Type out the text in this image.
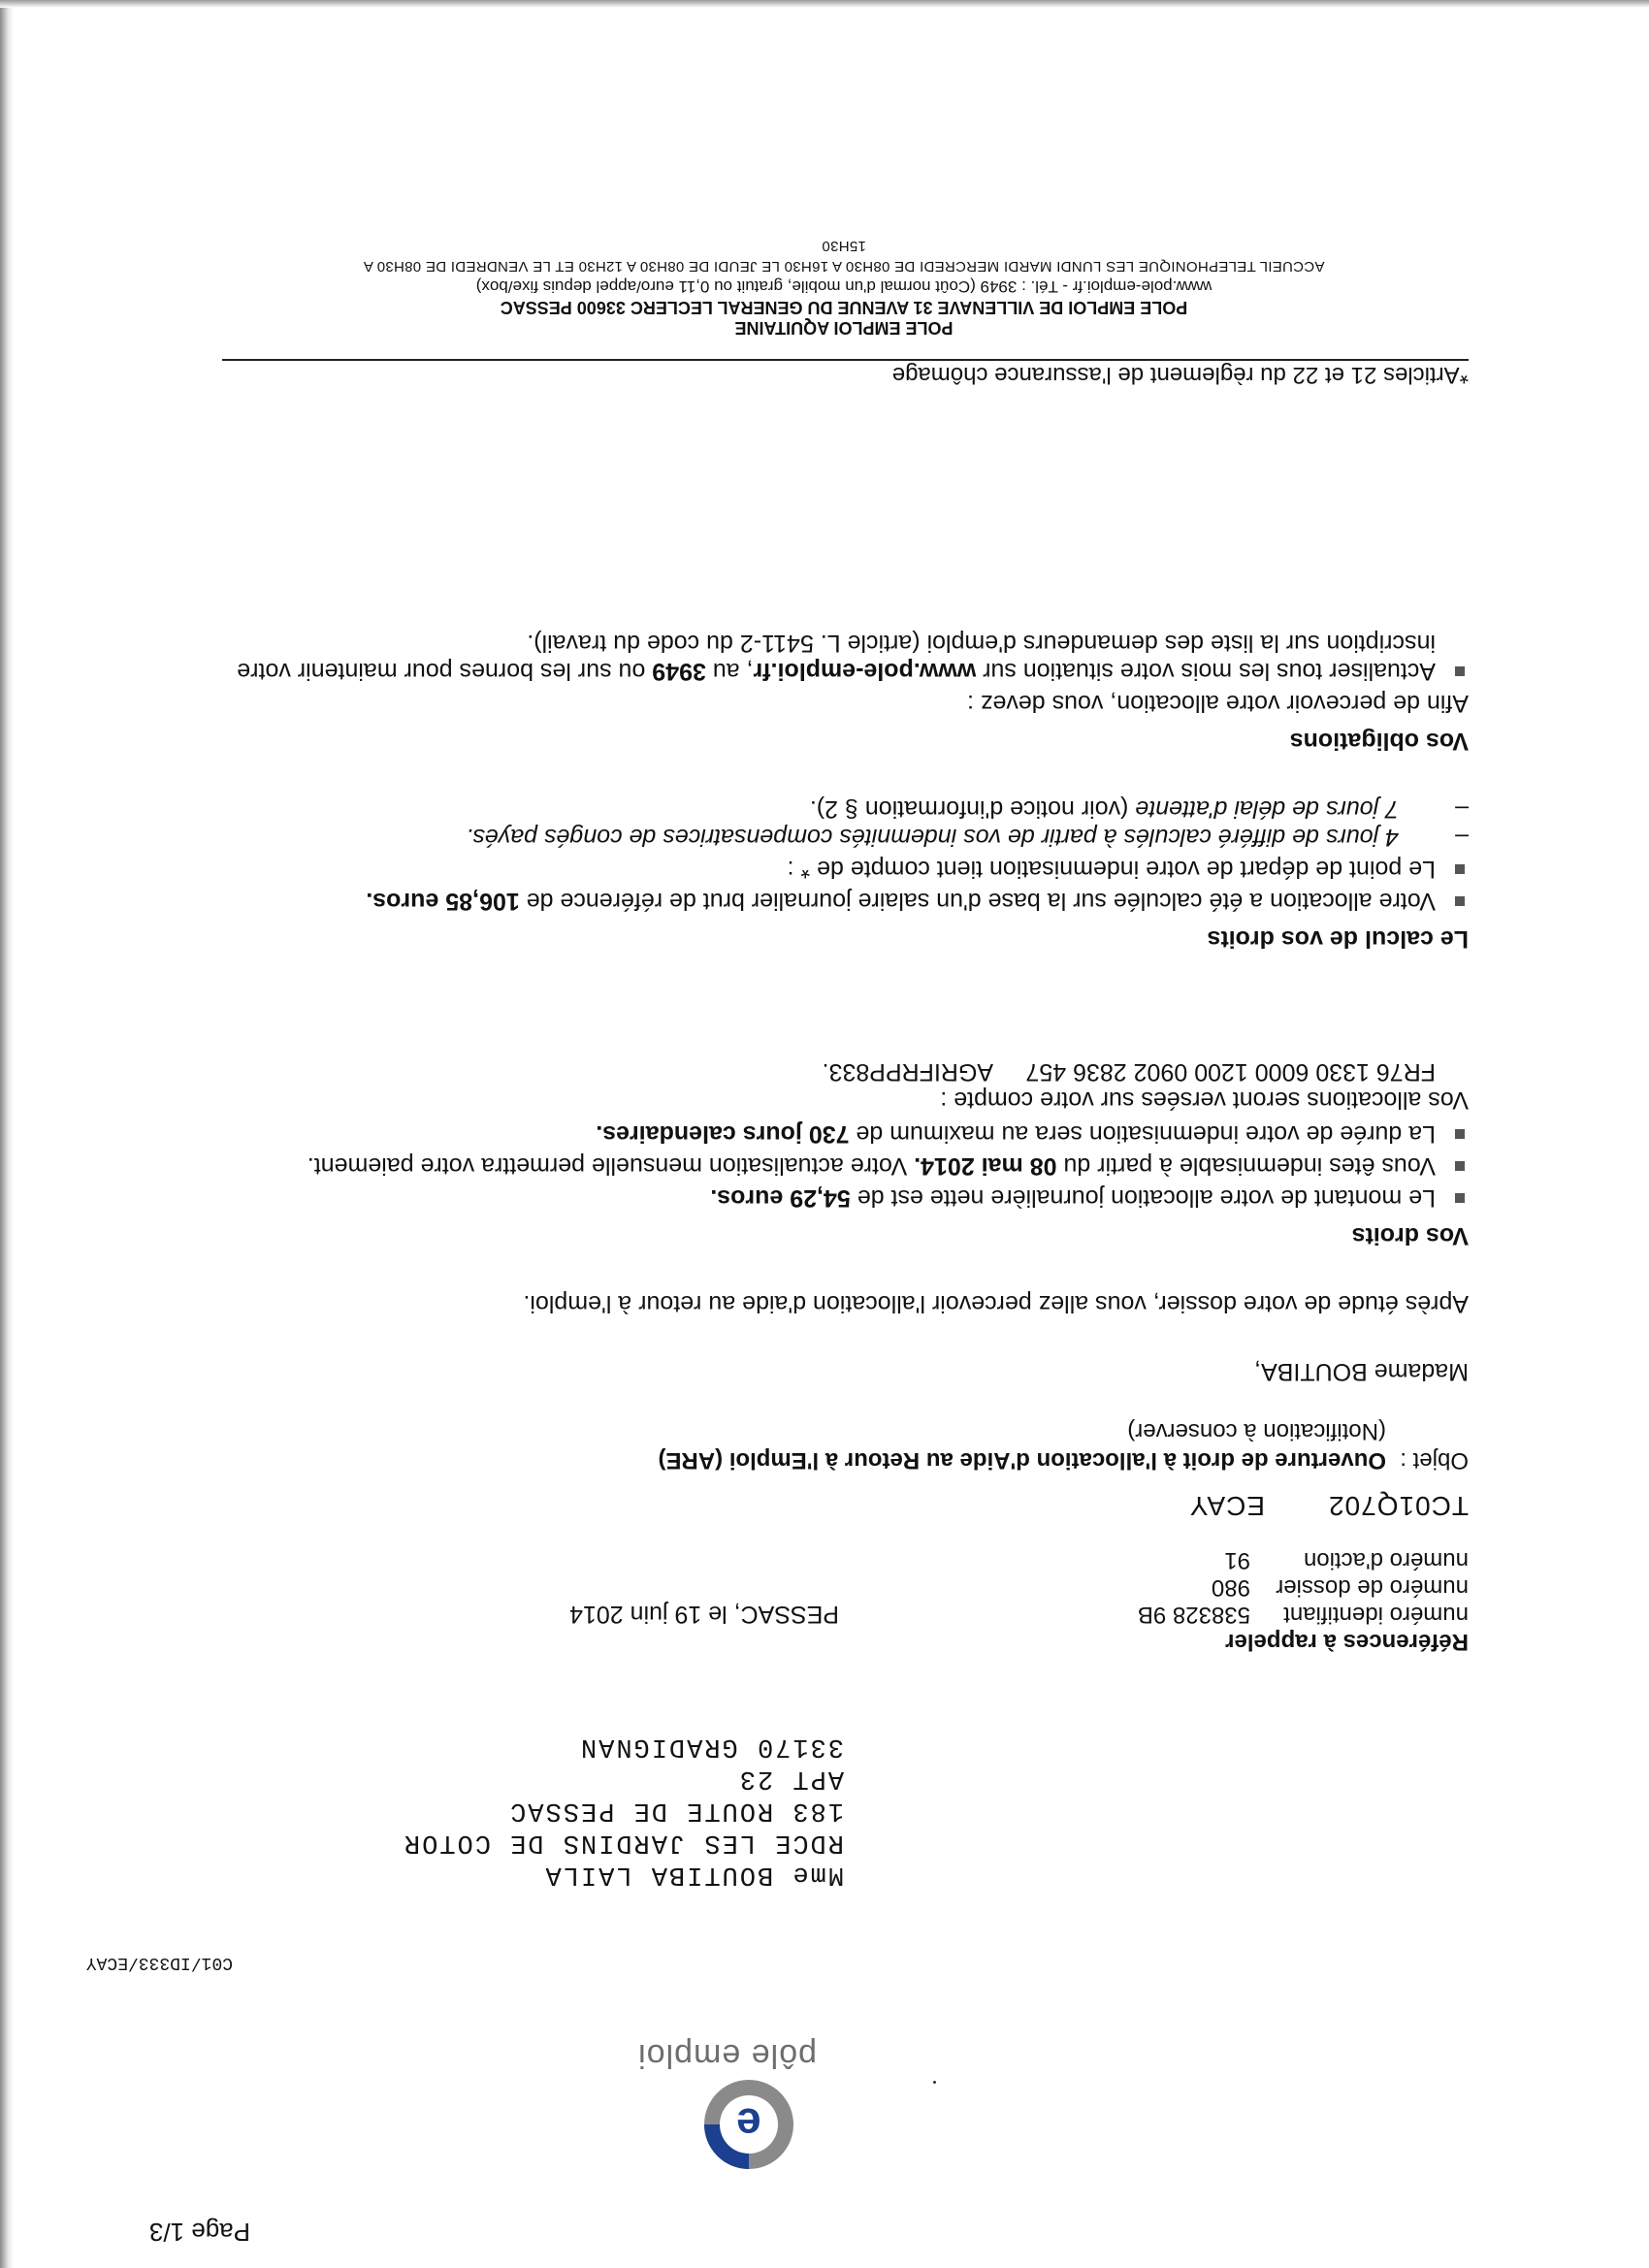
Page 1/3
e
pôle emploi
C01/ID333/ECAY
Mme BOUTIBA LAILA
RDCE LES JARDINS DE COTOR
183 ROUTE DE PESSAC
APT 23
33170 GRADIGNAN
Références à rappeler
numéro identifiant
538328 9B
numéro de dossier
980
numéro d'action
91
PESSAC, le 19 juin 2014
TC01Q702ECAY
Objet :Ouverture de droit à l'allocation d'Aide au Retour à l'Emploi (ARE)
(Notification à conserver)
Madame BOUTIBA,
Après étude de votre dossier, vous allez percevoir l'allocation d'aide au retour à l'emploi.
Vos droits
Le montant de votre allocation journalière nette est de 54,29 euros.
Vous êtes indemnisable à partir du 08 mai 2014. Votre actualisation mensuelle permettra votre paiement.
La durée de votre indemnisation sera au maximum de 730 jours calendaires.
Vos allocations seront versées sur votre compte :
FR76 1330 6000 1200 0902 2836 457     AGRIFRPP833.
Le calcul de vos droits
Votre allocation a été calculée sur la base d'un salaire journalier brut de référence de 106,85 euros.
Le point de départ de votre indemnisation tient compte de * :
–
4 jours de différé calculés à partir de vos indemnités compensatrices de congés payés.
–
7 jours de délai d'attente (voir notice d'information § 2).
Vos obligations
Afin de percevoir votre allocation, vous devez :
Actualiser tous les mois votre situation sur www.pole-emploi.fr, au 3949 ou sur les bornes pour maintenir votre inscription sur la liste des demandeurs d'emploi (article L. 5411-2 du code du travail).
*Articles 21 et 22 du règlement de l'assurance chômage
POLE EMPLOI AQUITAINE
POLE EMPLOI DE VILLENAVE 31 AVENUE DU GENERAL LECLERC 33600 PESSAC
www.pole-emploi.fr - Tél. : 3949 (Coût normal d'un mobile, gratuit ou 0,11 euro/appel depuis fixe/box)
ACCUEIL TELEPHONIQUE LES LUNDI MARDI MERCREDI DE 08H30 A 16H30 LE JEUDI DE 08H30 A 12H30 ET LE VENDREDI DE 08H30 A 15H30
